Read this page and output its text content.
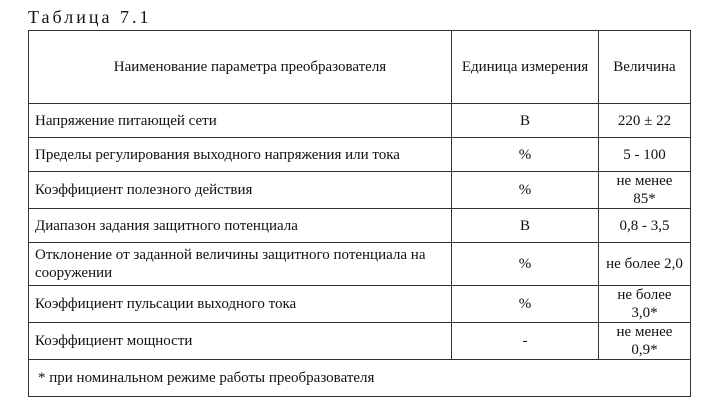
Таблица 7.1
Наименование параметра преобразователя	Единица измерения	Величина
Напряжение питающей сети	В	220 ± 22
Пределы регулирования выходного напряжения или тока	%	5 - 100
Коэффициент полезного действия	%	не менее 85*
Диапазон задания защитного потенциала	В	0,8 - 3,5
Отклонение от заданной величины защитного потенциала на сооружении	%	не более 2,0
Коэффициент пульсации выходного тока	%	не более 3,0*
Коэффициент мощности	-	не менее 0,9*
* при номинальном режиме работы преобразователя		
